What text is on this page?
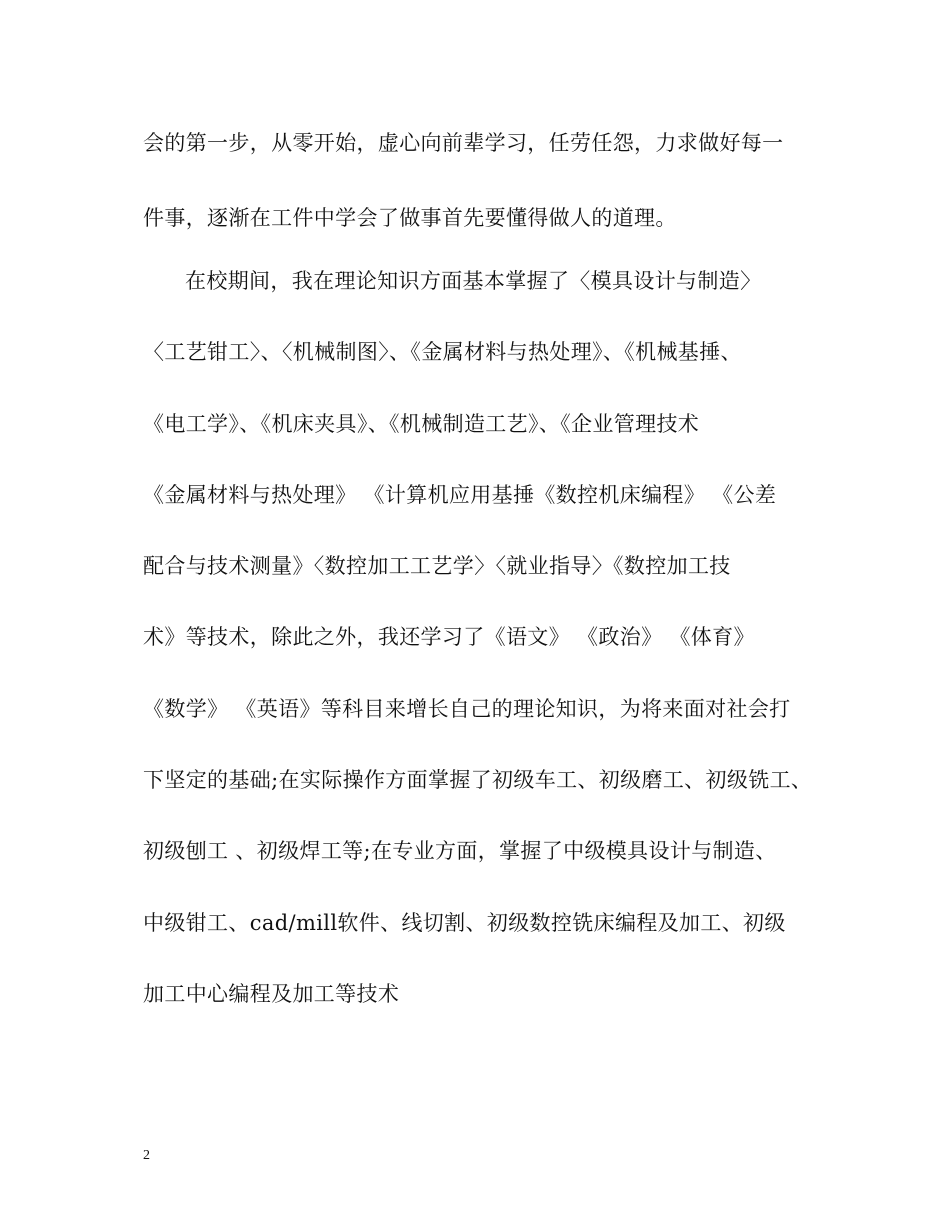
会的第一步，从零开始，虚心向前辈学习，任劳任怨，力求做好每一

件事，逐渐在工件中学会了做事首先要懂得做人的道理。

在校期间，我在理论知识方面基本掌握了〈模具设计与制造〉

〈工艺钳工〉、〈机械制图〉、《金属材料与热处理》、《机械基捶、

《电工学》、《机床夹具》、《机械制造工艺》、《企业管理技术

《金属材料与热处理》 《计算机应用基捶《数控机床编程》 《公差

配合与技术测量》〈数控加工工艺学〉〈就业指导〉《数控加工技

术》等技术，除此之外，我还学习了《语文》 《政治》 《体育》

《数学》 《英语》等科目来增长自己的理论知识，为将来面对社会打

下坚定的基础;在实际操作方面掌握了初级车工、初级磨工、初级铣工、

初级刨工 、初级焊工等;在专业方面，掌握了中级模具设计与制造、

中级钳工、cad/mill软件、线切割、初级数控铣床编程及加工、初级

加工中心编程及加工等技术

2
